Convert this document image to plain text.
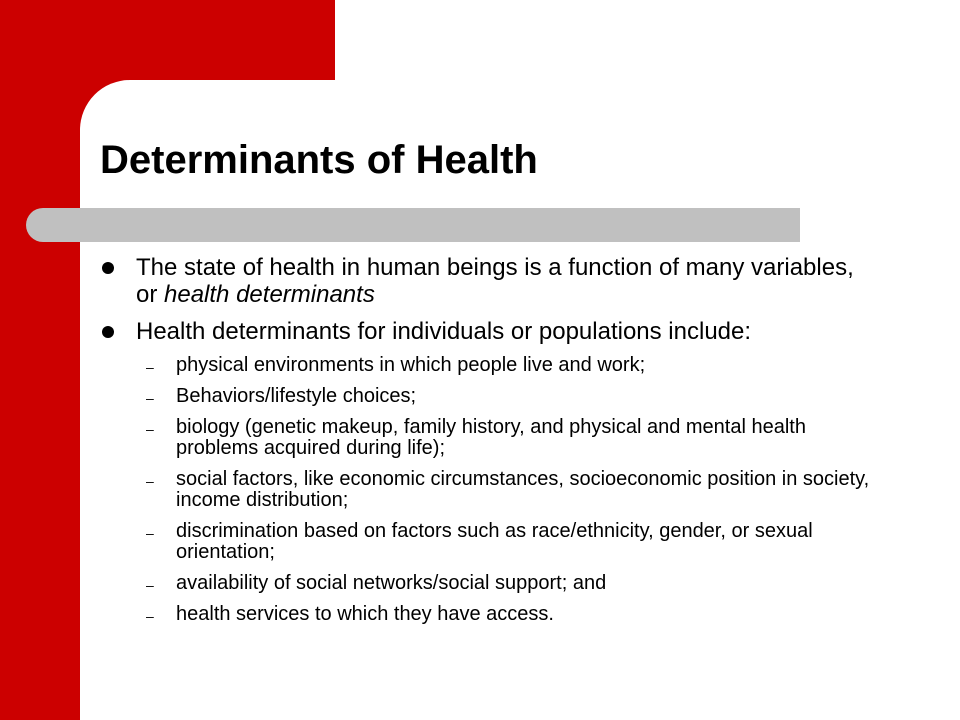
Determinants of Health
The state of health in human beings is a function of many variables, or health determinants
Health determinants for individuals or populations include:
– physical environments in which people live and work;
– Behaviors/lifestyle choices;
– biology (genetic makeup, family history, and physical and mental health problems acquired during life);
– social factors, like economic circumstances, socioeconomic position in society, income distribution;
– discrimination based on factors such as race/ethnicity, gender, or sexual orientation;
– availability of social networks/social support; and
– health services to which they have access.
